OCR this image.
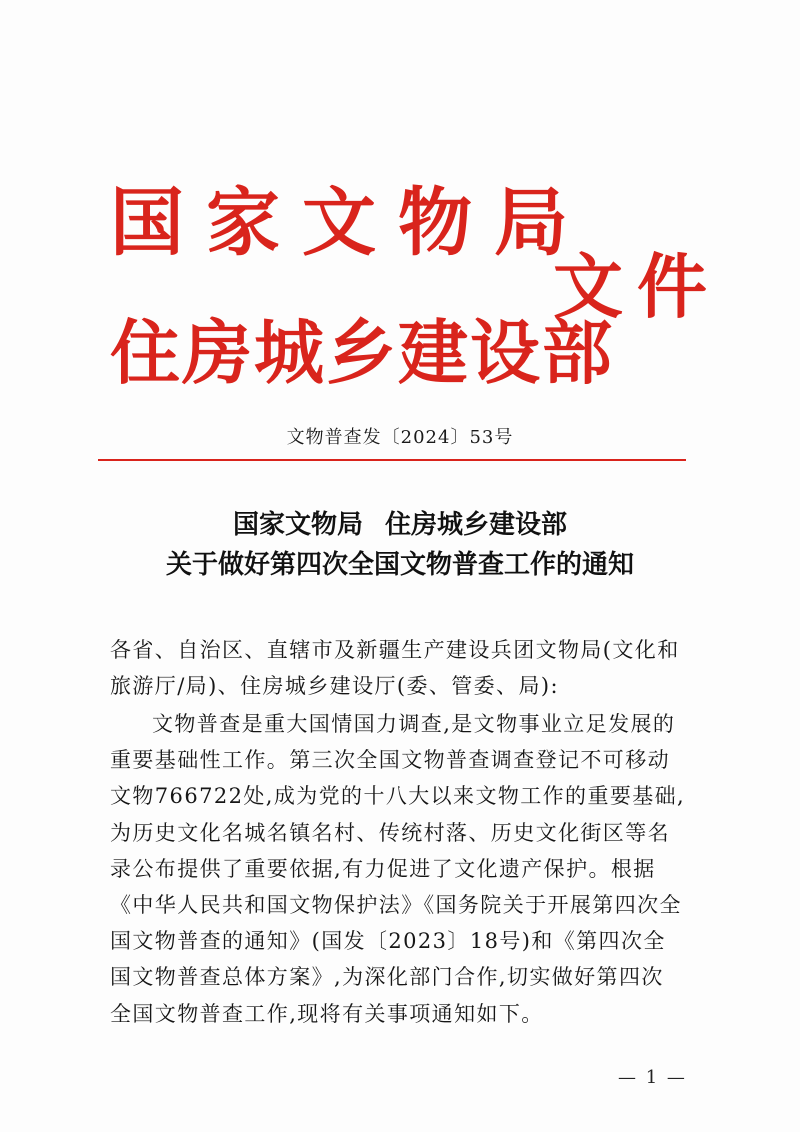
国家文物局
住房城乡建设部
文件
文物普查发〔2024〕53号
国家文物局 住房城乡建设部
关于做好第四次全国文物普查工作的通知

各省、自治区、直辖市及新疆生产建设兵团文物局(文化和旅游厅/局)、住房城乡建设厅(委、管委、局):

文物普查是重大国情国力调查,是文物事业立足发展的重要基础性工作。第三次全国文物普查调查登记不可移动文物766722处,成为党的十八大以来文物工作的重要基础,为历史文化名城名镇名村、传统村落、历史文化街区等名录公布提供了重要依据,有力促进了文化遗产保护。根据《中华人民共和国文物保护法》《国务院关于开展第四次全国文物普查的通知》(国发〔2023〕18号)和《第四次全国文物普查总体方案》,为深化部门合作,切实做好第四次全国文物普查工作,现将有关事项通知如下。

— 1 —
